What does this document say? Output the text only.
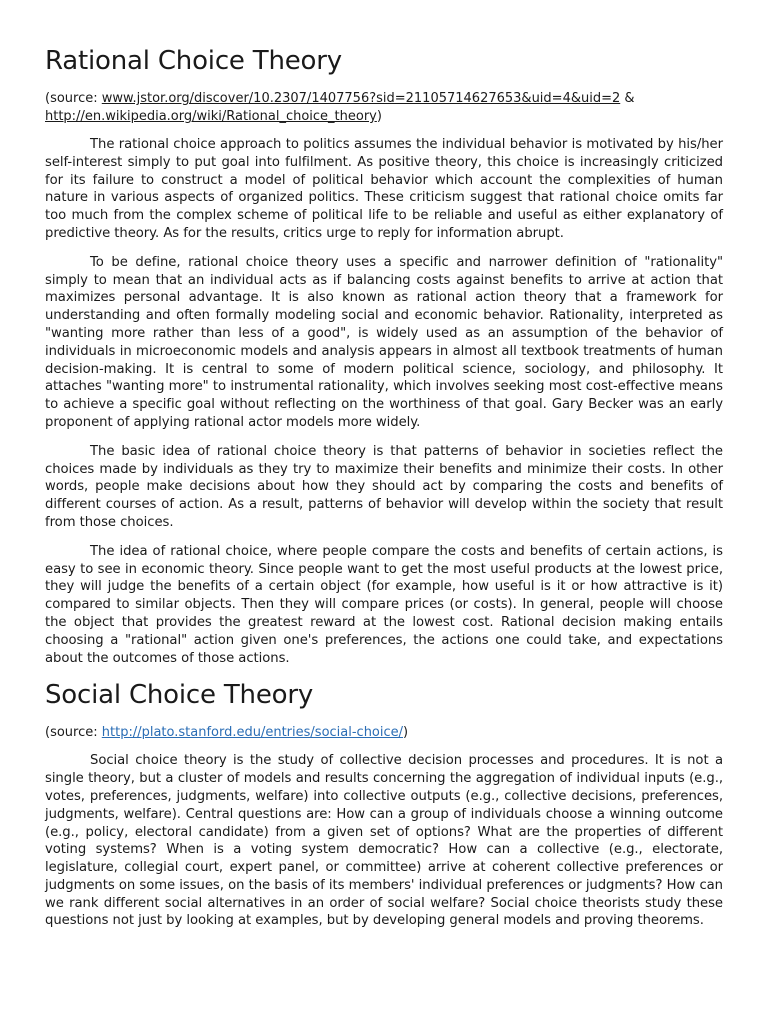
Rational Choice Theory
(source: www.jstor.org/discover/10.2307/1407756?sid=21105714627653&uid=4&uid=2 &
http://en.wikipedia.org/wiki/Rational_choice_theory)

The rational choice approach to politics assumes the individual behavior is motivated by his/her self-interest simply to put goal into fulfilment. As positive theory, this choice is increasingly criticized for its failure to construct a model of political behavior which account the complexities of human nature in various aspects of organized politics. These criticism suggest that rational choice omits far too much from the complex scheme of political life to be reliable and useful as either explanatory of predictive theory. As for the results, critics urge to reply for information abrupt.

To be define, rational choice theory uses a specific and narrower definition of "rationality" simply to mean that an individual acts as if balancing costs against benefits to arrive at action that maximizes personal advantage. It is also known as rational action theory that a framework for understanding and often formally modeling social and economic behavior. Rationality, interpreted as "wanting more rather than less of a good", is widely used as an assumption of the behavior of individuals in microeconomic models and analysis appears in almost all textbook treatments of human decision-making. It is central to some of modern political science, sociology, and philosophy. It attaches "wanting more" to instrumental rationality, which involves seeking most cost-effective means to achieve a specific goal without reflecting on the worthiness of that goal. Gary Becker was an early proponent of applying rational actor models more widely.

The basic idea of rational choice theory is that patterns of behavior in societies reflect the choices made by individuals as they try to maximize their benefits and minimize their costs. In other words, people make decisions about how they should act by comparing the costs and benefits of different courses of action. As a result, patterns of behavior will develop within the society that result from those choices.

The idea of rational choice, where people compare the costs and benefits of certain actions, is easy to see in economic theory. Since people want to get the most useful products at the lowest price, they will judge the benefits of a certain object (for example, how useful is it or how attractive is it) compared to similar objects. Then they will compare prices (or costs). In general, people will choose the object that provides the greatest reward at the lowest cost. Rational decision making entails choosing a "rational" action given one's preferences, the actions one could take, and expectations about the outcomes of those actions.

Social Choice Theory
(source: http://plato.stanford.edu/entries/social-choice/)

Social choice theory is the study of collective decision processes and procedures. It is not a single theory, but a cluster of models and results concerning the aggregation of individual inputs (e.g., votes, preferences, judgments, welfare) into collective outputs (e.g., collective decisions, preferences, judgments, welfare). Central questions are: How can a group of individuals choose a winning outcome (e.g., policy, electoral candidate) from a given set of options? What are the properties of different voting systems? When is a voting system democratic? How can a collective (e.g., electorate, legislature, collegial court, expert panel, or committee) arrive at coherent collective preferences or judgments on some issues, on the basis of its members' individual preferences or judgments? How can we rank different social alternatives in an order of social welfare? Social choice theorists study these questions not just by looking at examples, but by developing general models and proving theorems.
